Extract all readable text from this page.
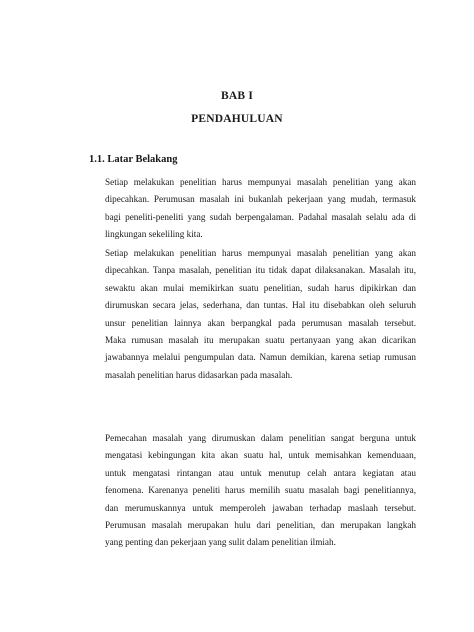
BAB I
PENDAHULUAN
1.1. Latar Belakang
Setiap melakukan penelitian harus mempunyai masalah penelitian yang akan
dipecahkan. Perumusan masalah ini bukanlah pekerjaan yang mudah, termasuk
bagi peneliti-peneliti yang sudah berpengalaman. Padahal masalah selalu ada di
lingkungan sekeliling kita.
Setiap melakukan penelitian harus mempunyai masalah penelitian yang akan
dipecahkan. Tanpa masalah, penelitian itu tidak dapat dilaksanakan. Masalah itu,
sewaktu akan mulai memikirkan suatu penelitian, sudah harus dipikirkan dan
dirumuskan secara jelas, sederhana, dan tuntas. Hal itu disebabkan oleh seluruh
unsur penelitian lainnya akan berpangkal pada perumusan masalah tersebut.
Maka rumusan masalah itu merupakan suatu pertanyaan yang akan dicarikan
jawabannya melalui pengumpulan data. Namun demikian, karena setiap rumusan
masalah penelitian harus didasarkan pada masalah.
Pemecahan masalah yang dirumuskan dalam penelitian sangat berguna untuk
mengatasi kebingungan kita akan suatu hal, untuk memisahkan kemenduaan,
untuk mengatasi rintangan atau untuk menutup celah antara kegiatan atau
fenomena. Karenanya peneliti harus memilih suatu masalah bagi penelitiannya,
dan merumuskannya untuk memperoleh jawaban terhadap maslaah tersebut.
Perumusan masalah merupakan hulu dari penelitian, dan merupakan langkah
yang penting dan pekerjaan yang sulit dalam penelitian ilmiah.
